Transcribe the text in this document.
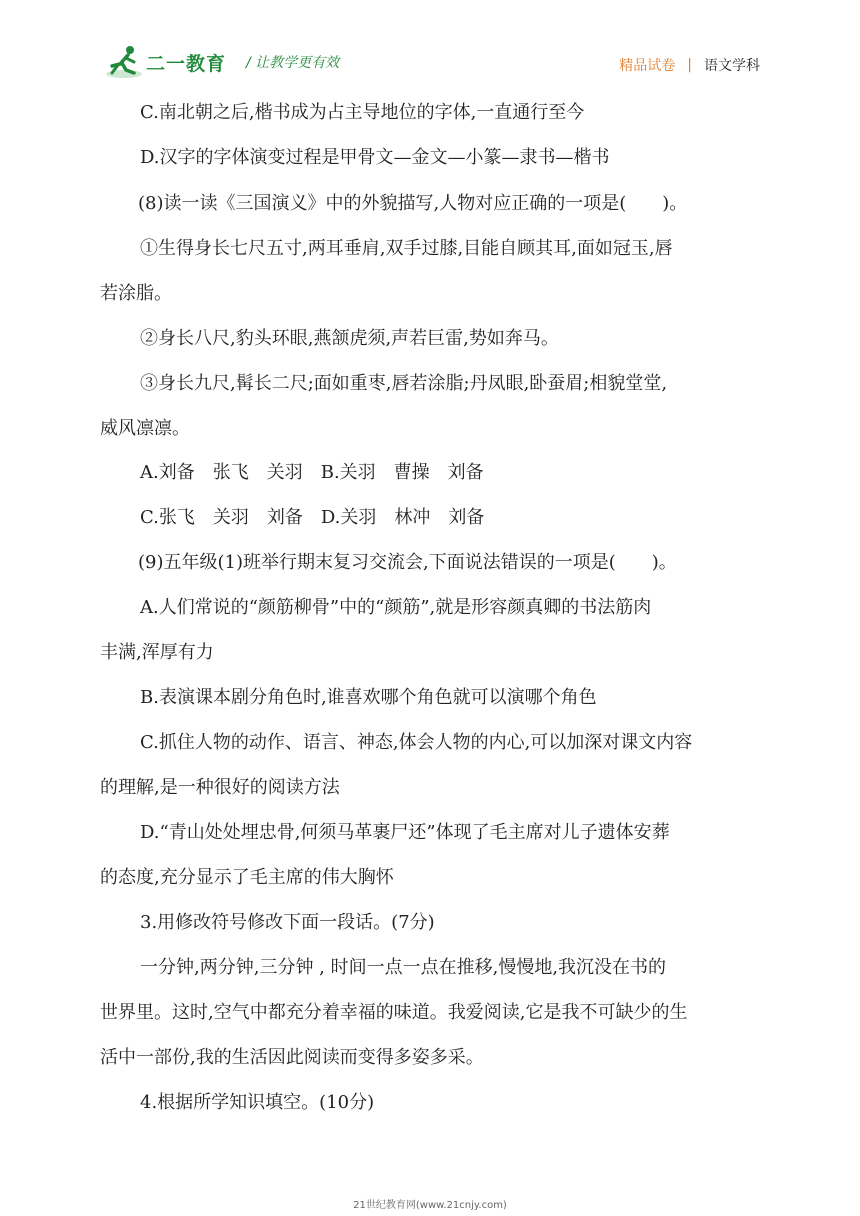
二一教育 / 让教学更有效	精品试卷 | 语文学科
C.南北朝之后,楷书成为占主导地位的字体,一直通行至今
D.汉字的字体演变过程是甲骨文—金文—小篆—隶书—楷书
(8)读一读《三国演义》中的外貌描写,人物对应正确的一项是(　　)。
①生得身长七尺五寸,两耳垂肩,双手过膝,目能自顾其耳,面如冠玉,唇
若涂脂。
②身长八尺,豹头环眼,燕颔虎须,声若巨雷,势如奔马。
③身长九尺,髯长二尺;面如重枣,唇若涂脂;丹凤眼,卧蚕眉;相貌堂堂,
威风凛凛。
A.刘备　张飞　关羽　B.关羽　曹操　刘备
C.张飞　关羽　刘备　D.关羽　林冲　刘备
(9)五年级(1)班举行期末复习交流会,下面说法错误的一项是(　　)。
A.人们常说的“颜筋柳骨”中的“颜筋”,就是形容颜真卿的书法筋肉
丰满,浑厚有力
B.表演课本剧分角色时,谁喜欢哪个角色就可以演哪个角色
C.抓住人物的动作、语言、神态,体会人物的内心,可以加深对课文内容
的理解,是一种很好的阅读方法
D.“青山处处埋忠骨,何须马革裹尸还”体现了毛主席对儿子遗体安葬
的态度,充分显示了毛主席的伟大胸怀
3.用修改符号修改下面一段话。(7分)
一分钟,两分钟,三分钟 , 时间一点一点在推移,慢慢地,我沉没在书的
世界里。这时,空气中都充分着幸福的味道。我爱阅读,它是我不可缺少的生
活中一部份,我的生活因此阅读而变得多姿多采。
4.根据所学知识填空。(10分)
21世纪教育网(www.21cnjy.com)
